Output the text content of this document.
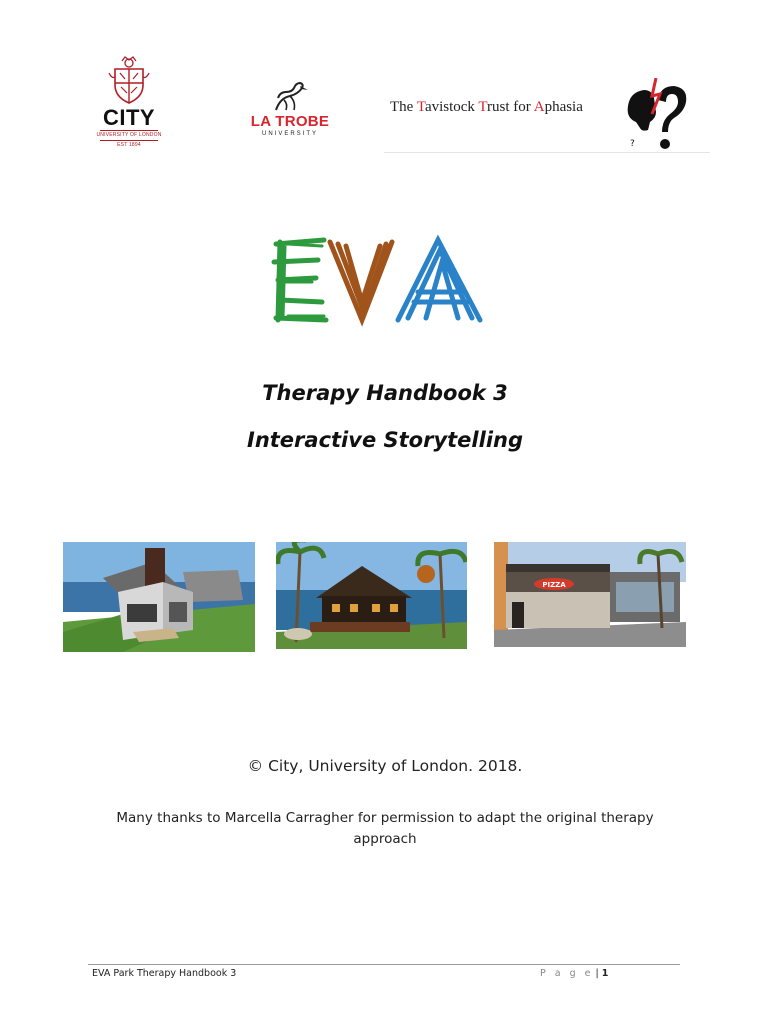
CITY
UNIVERSITY OF LONDON
EST 1894
LA TROBE
UNIVERSITY
The Tavistock Trust for Aphasia
?
Therapy Handbook 3
Interactive Storytelling
PIZZA
© City, University of London. 2018.
Many thanks to Marcella Carragher for permission to adapt the original therapy approach
EVA Park Therapy Handbook 3	P a g e | 1
